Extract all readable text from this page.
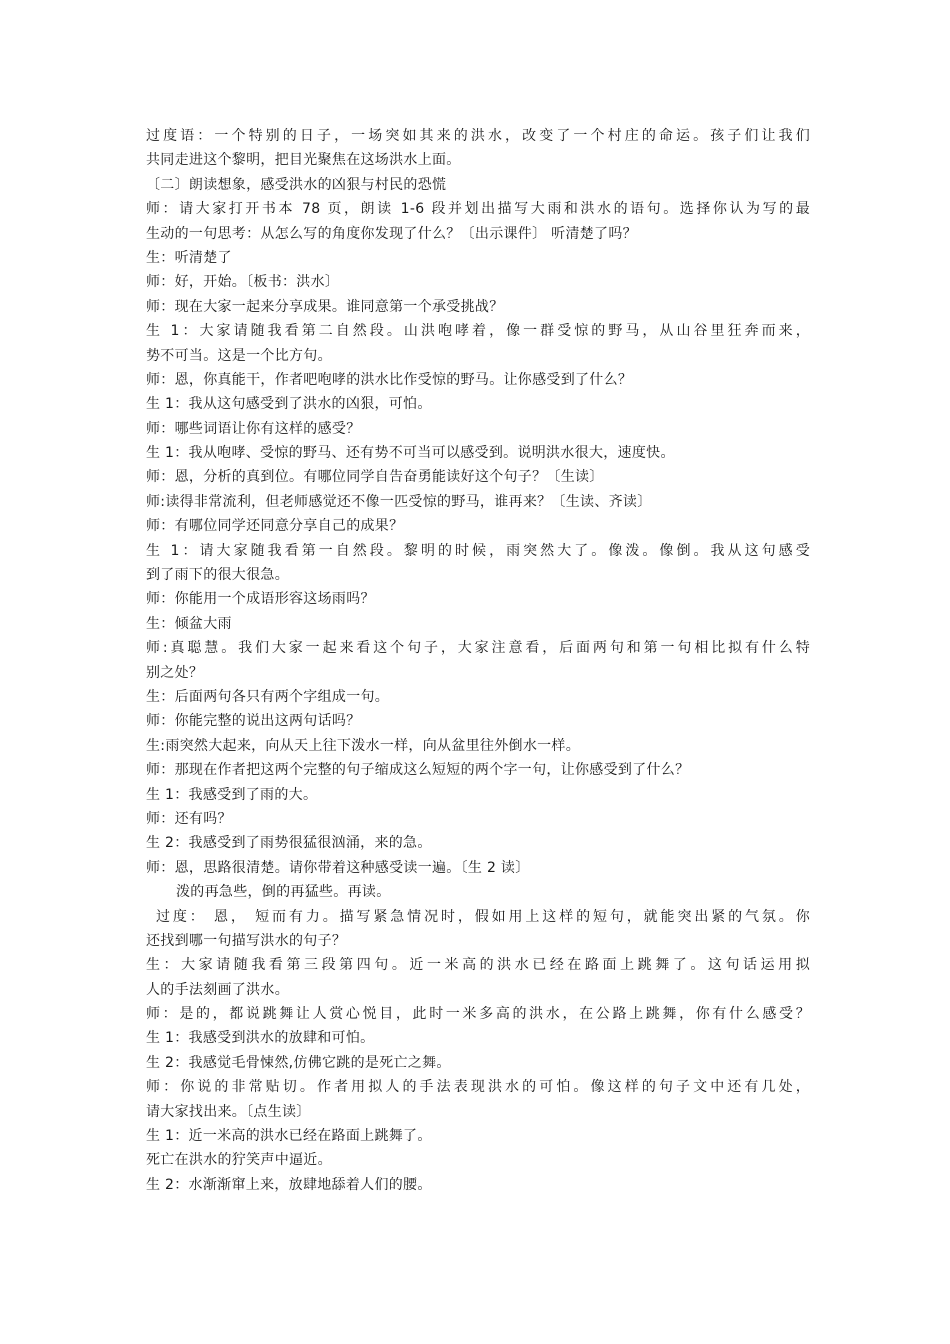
过度语：一个特别的日子，一场突如其来的洪水，改变了一个村庄的命运。孩子们让我们
共同走进这个黎明，把目光聚焦在这场洪水上面。
〔二〕朗读想象，感受洪水的凶狠与村民的恐慌
师：请大家打开书本 78 页，朗读 1-6 段并划出描写大雨和洪水的语句。选择你认为写的最
生动的一句思考：从怎么写的角度你发现了什么？〔出示课件〕 听清楚了吗？
生：听清楚了
师：好，开始。〔板书：洪水〕
师：现在大家一起来分享成果。谁同意第一个承受挑战？
生 1：大家请随我看第二自然段。山洪咆哮着，像一群受惊的野马，从山谷里狂奔而来，
势不可当。这是一个比方句。
师：恩，你真能干，作者吧咆哮的洪水比作受惊的野马。让你感受到了什么？
生 1：我从这句感受到了洪水的凶狠，可怕。
师：哪些词语让你有这样的感受？
生 1：我从咆哮、受惊的野马、还有势不可当可以感受到。说明洪水很大，速度快。
师：恩，分析的真到位。有哪位同学自告奋勇能读好这个句子？〔生读〕
师:读得非常流利，但老师感觉还不像一匹受惊的野马，谁再来？〔生读、齐读〕
师：有哪位同学还同意分享自己的成果？
生 1：请大家随我看第一自然段。黎明的时候，雨突然大了。像泼。像倒。我从这句感受
到了雨下的很大很急。
师：你能用一个成语形容这场雨吗？
生：倾盆大雨
师:真聪慧。我们大家一起来看这个句子，大家注意看，后面两句和第一句相比拟有什么特
别之处？
生：后面两句各只有两个字组成一句。
师：你能完整的说出这两句话吗？
生:雨突然大起来，向从天上往下泼水一样，向从盆里往外倒水一样。
师：那现在作者把这两个完整的句子缩成这么短短的两个字一句，让你感受到了什么？
生 1：我感受到了雨的大。
师：还有吗？
生 2：我感受到了雨势很猛很汹涌，来的急。
师：恩，思路很清楚。请你带着这种感受读一遍。〔生 2 读〕
泼的再急些，倒的再猛些。再读。
过度： 恩， 短而有力。描写紧急情况时，假如用上这样的短句，就能突出紧的气氛。你
还找到哪一句描写洪水的句子？
生：大家请随我看第三段第四句。近一米高的洪水已经在路面上跳舞了。这句话运用拟
人的手法刻画了洪水。
师：是的，都说跳舞让人赏心悦目，此时一米多高的洪水，在公路上跳舞，你有什么感受？
生 1：我感受到洪水的放肆和可怕。
生 2：我感觉毛骨悚然,仿佛它跳的是死亡之舞。
师：你说的非常贴切。作者用拟人的手法表现洪水的可怕。像这样的句子文中还有几处，
请大家找出来。〔点生读〕
生 1：近一米高的洪水已经在路面上跳舞了。
死亡在洪水的狞笑声中逼近。
生 2：水渐渐窜上来，放肆地舔着人们的腰。
